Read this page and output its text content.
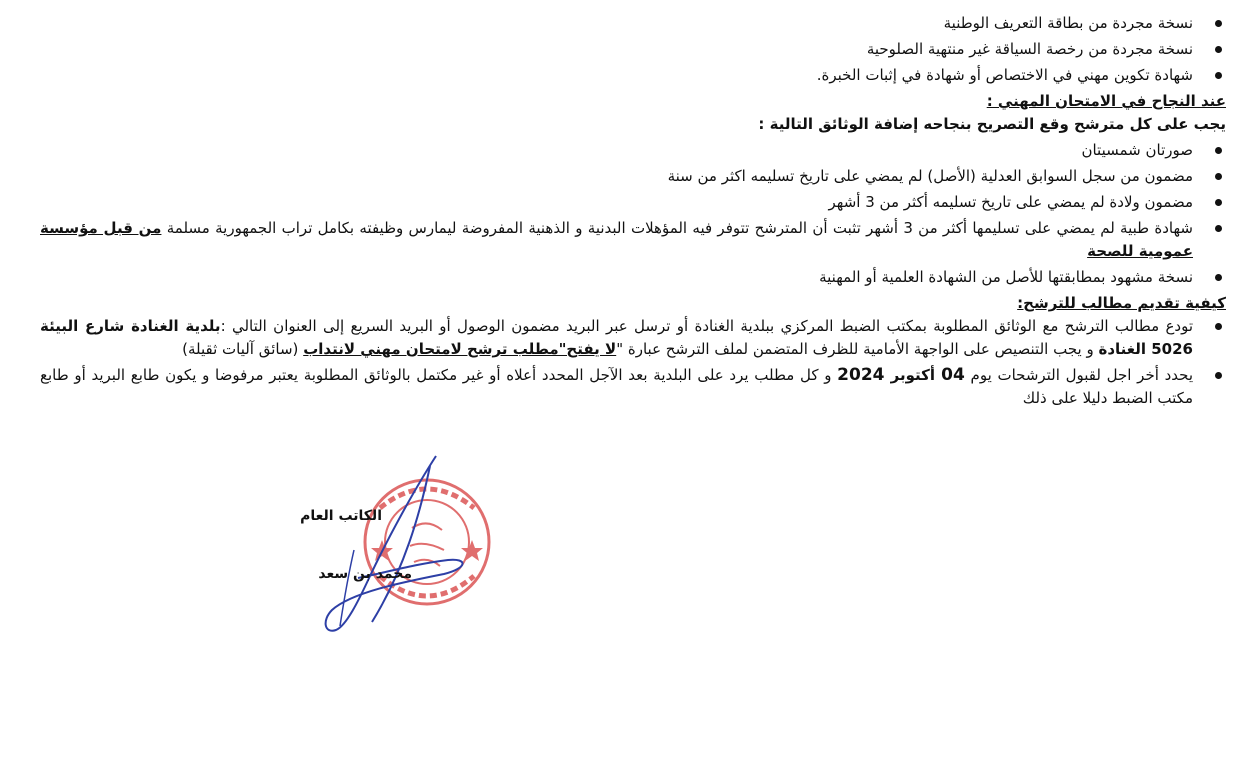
نسخة مجردة من بطاقة التعريف الوطنية
نسخة مجردة من رخصة السياقة غير منتهية الصلوحية
شهادة تكوين مهني في الاختصاص أو شهادة في إثبات الخبرة.

عند النجاح في الامتحان المهني :

يجب على كل مترشح وقع التصريح بنجاحه إضافة الوثائق التالية :

صورتان شمسيتان
مضمون من سجل السوابق العدلية (الأصل) لم يمضي على تاريخ تسليمه اكثر من سنة
مضمون ولادة لم يمضي على تاريخ تسليمه أكثر من 3 أشهر
شهادة طبية لم يمضي على تسليمها أكثر من 3 أشهر تثبت أن المترشح تتوفر فيه المؤهلات البدنية و الذهنية المفروضة ليمارس وظيفته بكامل تراب الجمهورية مسلمة من قبل مؤسسة عمومية للصحة
نسخة مشهود بمطابقتها للأصل من الشهادة العلمية أو المهنية

كيفية تقديم مطالب للترشح:

تودع مطالب الترشح مع الوثائق المطلوبة بمكتب الضبط المركزي ببلدية الغنادة أو ترسل عبر البريد مضمون الوصول أو البريد السريع إلى العنوان التالي :بلدية الغنادة شارع البيئة 5026 الغنادة و يجب التنصيص على الواجهة الأمامية للظرف المتضمن لملف الترشح عبارة "لا يفتح"مطلب ترشح لامتحان مهني لانتداب (سائق آليات ثقيلة)
يحدد أخر اجل لقبول الترشحات يوم 04 أكتوبر 2024 و كل مطلب يرد على البلدية بعد الآجل المحدد أعلاه أو غير مكتمل بالوثائق المطلوبة يعتبر مرفوضا و يكون طابع البريد أو طابع مكتب الضبط دليلا على ذلك
الكاتب العام
محمد بن سعد
